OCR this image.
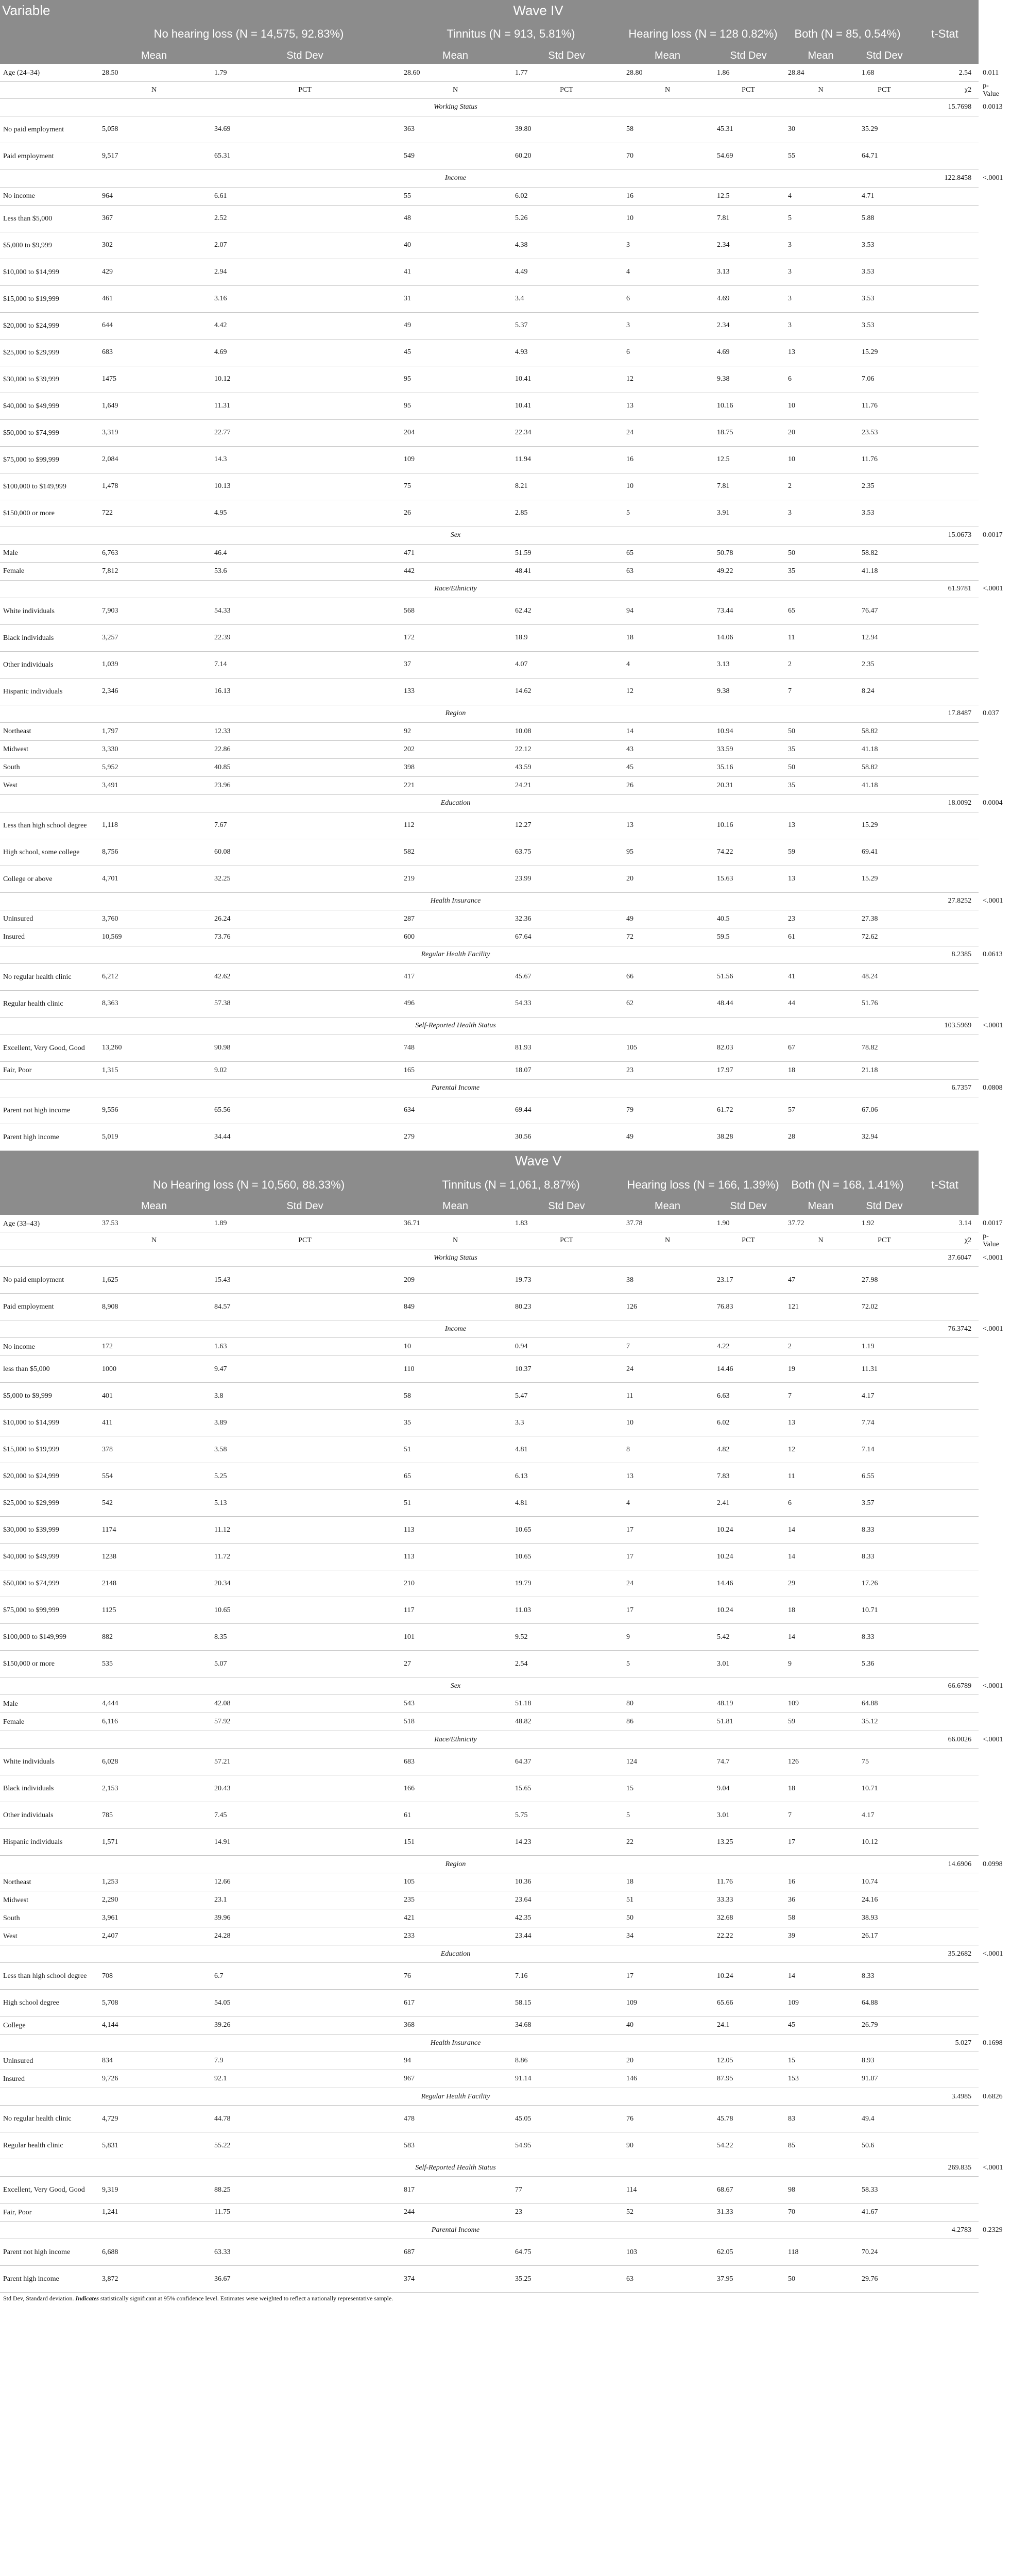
Variable	Wave IV									
	No hearing loss (N = 14,575, 92.83%)		Tinnitus (N = 913, 5.81%)		Hearing loss (N = 128 0.82%)		Both (N = 85, 0.54%)		t-Stat	p-Value
	Mean	Std Dev	Mean	Std Dev	Mean	Std Dev	Mean	Std Dev		
Age (24–34)	28.50	1.79	28.60	1.77	28.80	1.86	28.84	1.68	2.54	0.011
	N	PCT	N	PCT	N	PCT	N	PCT	χ2	p-Value
Working Status									15.7698	0.0013
No paid employment	5,058	34.69	363	39.80	58	45.31	30	35.29		
Paid employment	9,517	65.31	549	60.20	70	54.69	55	64.71		
Income									122.8458	<.0001
No income	964	6.61	55	6.02	16	12.5	4	4.71		
Less than $5,000	367	2.52	48	5.26	10	7.81	5	5.88		
$5,000 to $9,999	302	2.07	40	4.38	3	2.34	3	3.53		
$10,000 to $14,999	429	2.94	41	4.49	4	3.13	3	3.53		
$15,000 to $19,999	461	3.16	31	3.4	6	4.69	3	3.53		
$20,000 to $24,999	644	4.42	49	5.37	3	2.34	3	3.53		
$25,000 to $29,999	683	4.69	45	4.93	6	4.69	13	15.29		
$30,000 to $39,999	1475	10.12	95	10.41	12	9.38	6	7.06		
$40,000 to $49,999	1,649	11.31	95	10.41	13	10.16	10	11.76		
$50,000 to $74,999	3,319	22.77	204	22.34	24	18.75	20	23.53		
$75,000 to $99,999	2,084	14.3	109	11.94	16	12.5	10	11.76		
$100,000 to $149,999	1,478	10.13	75	8.21	10	7.81	2	2.35		
$150,000 or more	722	4.95	26	2.85	5	3.91	3	3.53		
Sex									15.0673	0.0017
Male	6,763	46.4	471	51.59	65	50.78	50	58.82		
Female	7,812	53.6	442	48.41	63	49.22	35	41.18		
Race/Ethnicity									61.9781	<.0001
White individuals	7,903	54.33	568	62.42	94	73.44	65	76.47		
Black individuals	3,257	22.39	172	18.9	18	14.06	11	12.94		
Other individuals	1,039	7.14	37	4.07	4	3.13	2	2.35		
Hispanic individuals	2,346	16.13	133	14.62	12	9.38	7	8.24		
Region									17.8487	0.037
Northeast	1,797	12.33	92	10.08	14	10.94	50	58.82		
Midwest	3,330	22.86	202	22.12	43	33.59	35	41.18		
South	5,952	40.85	398	43.59	45	35.16	50	58.82		
West	3,491	23.96	221	24.21	26	20.31	35	41.18		
Education									18.0092	0.0004
Less than high school degree	1,118	7.67	112	12.27	13	10.16	13	15.29		
High school, some college	8,756	60.08	582	63.75	95	74.22	59	69.41		
College or above	4,701	32.25	219	23.99	20	15.63	13	15.29		
Health Insurance									27.8252	<.0001
Uninsured	3,760	26.24	287	32.36	49	40.5	23	27.38		
Insured	10,569	73.76	600	67.64	72	59.5	61	72.62		
Regular Health Facility									8.2385	0.0613
No regular health clinic	6,212	42.62	417	45.67	66	51.56	41	48.24		
Regular health clinic	8,363	57.38	496	54.33	62	48.44	44	51.76		
Self-Reported Health Status									103.5969	<.0001
Excellent, Very Good, Good	13,260	90.98	748	81.93	105	82.03	67	78.82		
Fair, Poor	1,315	9.02	165	18.07	23	17.97	18	21.18		
Parental Income									6.7357	0.0808
Parent not high income	9,556	65.56	634	69.44	79	61.72	57	67.06		
Parent high income	5,019	34.44	279	30.56	49	38.28	28	32.94		
	Wave V									
	No Hearing loss (N = 10,560, 88.33%)		Tinnitus (N = 1,061, 8.87%)		Hearing loss (N = 166, 1.39%)		Both (N = 168, 1.41%)		t-Stat	p-Value
	Mean	Std Dev	Mean	Std Dev	Mean	Std Dev	Mean	Std Dev		
Age (33–43)	37.53	1.89	36.71	1.83	37.78	1.90	37.72	1.92	3.14	0.0017
	N	PCT	N	PCT	N	PCT	N	PCT	χ2	p-Value
Working Status									37.6047	<.0001
No paid employment	1,625	15.43	209	19.73	38	23.17	47	27.98		
Paid employment	8,908	84.57	849	80.23	126	76.83	121	72.02		
Income									76.3742	<.0001
No income	172	1.63	10	0.94	7	4.22	2	1.19		
less than $5,000	1000	9.47	110	10.37	24	14.46	19	11.31		
$5,000 to $9,999	401	3.8	58	5.47	11	6.63	7	4.17		
$10,000 to $14,999	411	3.89	35	3.3	10	6.02	13	7.74		
$15,000 to $19,999	378	3.58	51	4.81	8	4.82	12	7.14		
$20,000 to $24,999	554	5.25	65	6.13	13	7.83	11	6.55		
$25,000 to $29,999	542	5.13	51	4.81	4	2.41	6	3.57		
$30,000 to $39,999	1174	11.12	113	10.65	17	10.24	14	8.33		
$40,000 to $49,999	1238	11.72	113	10.65	17	10.24	14	8.33		
$50,000 to $74,999	2148	20.34	210	19.79	24	14.46	29	17.26		
$75,000 to $99,999	1125	10.65	117	11.03	17	10.24	18	10.71		
$100,000 to $149,999	882	8.35	101	9.52	9	5.42	14	8.33		
$150,000 or more	535	5.07	27	2.54	5	3.01	9	5.36		
Sex									66.6789	<.0001
Male	4,444	42.08	543	51.18	80	48.19	109	64.88		
Female	6,116	57.92	518	48.82	86	51.81	59	35.12		
Race/Ethnicity									66.0026	<.0001
White individuals	6,028	57.21	683	64.37	124	74.7	126	75		
Black individuals	2,153	20.43	166	15.65	15	9.04	18	10.71		
Other individuals	785	7.45	61	5.75	5	3.01	7	4.17		
Hispanic individuals	1,571	14.91	151	14.23	22	13.25	17	10.12		
Region									14.6906	0.0998
Northeast	1,253	12.66	105	10.36	18	11.76	16	10.74		
Midwest	2,290	23.1	235	23.64	51	33.33	36	24.16		
South	3,961	39.96	421	42.35	50	32.68	58	38.93		
West	2,407	24.28	233	23.44	34	22.22	39	26.17		
Education									35.2682	<.0001
Less than high school degree	708	6.7	76	7.16	17	10.24	14	8.33		
High school degree	5,708	54.05	617	58.15	109	65.66	109	64.88		
College	4,144	39.26	368	34.68	40	24.1	45	26.79		
Health Insurance									5.027	0.1698
Uninsured	834	7.9	94	8.86	20	12.05	15	8.93		
Insured	9,726	92.1	967	91.14	146	87.95	153	91.07		
Regular Health Facility									3.4985	0.6826
No regular health clinic	4,729	44.78	478	45.05	76	45.78	83	49.4		
Regular health clinic	5,831	55.22	583	54.95	90	54.22	85	50.6		
Self-Reported Health Status									269.835	<.0001
Excellent, Very Good, Good	9,319	88.25	817	77	114	68.67	98	58.33		
Fair, Poor	1,241	11.75	244	23	52	31.33	70	41.67		
Parental Income									4.2783	0.2329
Parent not high income	6,688	63.33	687	64.75	103	62.05	118	70.24		
Parent high income	3,872	36.67	374	35.25	63	37.95	50	29.76		
Std Dev, Standard deviation. Indicates statistically significant at 95% confidence level. Estimates were weighted to reflect a nationally representative sample.
